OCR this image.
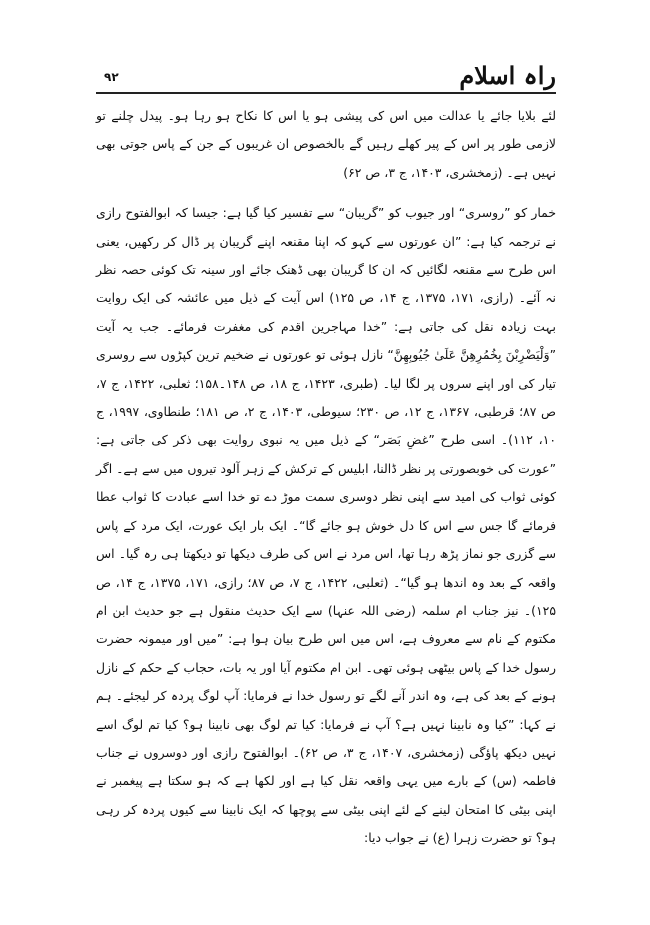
راہ اسلام
۹۲

لئے بلایا جائے یا عدالت میں اس کی پیشی ہو یا اس کا نکاح ہو رہا ہو۔ پیدل چلنے تو لازمی طور پر اس کے پیر کھلے رہیں گے بالخصوص ان غریبوں کے جن کے پاس جوتی بھی نہیں ہے۔ (زمخشری، ۱۴۰۳، ج ۳، ص ۶۲)

خمار کو ”روسری“ اور جیوب کو ”گریبان“ سے تفسیر کیا گیا ہے: جیسا کہ ابوالفتوح رازی نے ترجمہ کیا ہے: ”ان عورتوں سے کہو کہ اپنا مقنعہ اپنے گریبان پر ڈال کر رکھیں، یعنی اس طرح سے مقنعہ لگائیں کہ ان کا گریبان بھی ڈھنک جائے اور سینہ تک کوئی حصہ نظر نہ آئے۔ (رازی، ۱۷۱، ۱۳۷۵، ج ۱۴، ص ۱۲۵) اس آیت کے ذیل میں عائشہ کی ایک روایت بہت زیادہ نقل کی جاتی ہے: ”خدا مہاجرین اقدم کی مغفرت فرمائے۔ جب یہ آیت ”وَلْيَضْرِبْنَ بِخُمُرِهِنَّ عَلَىٰ جُيُوبِهِنَّ“ نازل ہوئی تو عورتوں نے ضخیم ترین کپڑوں سے روسری تیار کی اور اپنے سروں پر لگا لیا۔ (طبری، ۱۴۲۳، ج ۱۸، ص ۱۴۸۔۱۵۸؛ ثعلبی، ۱۴۲۲، ج ۷، ص ۸۷؛ قرطبی، ۱۳۶۷، ج ۱۲، ص ۲۳۰؛ سیوطی، ۱۴۰۳، ج ۲، ص ۱۸۱؛ طنطاوی، ۱۹۹۷، ج ۱۰، ۱۱۲)۔ اسی طرح ”غضِ بَصَر“ کے ذیل میں یہ نبوی روایت بھی ذکر کی جاتی ہے: ”عورت کی خوبصورتی پر نظر ڈالنا، ابلیس کے ترکش کے زہر آلود تیروں میں سے ہے۔ اگر کوئی ثواب کی امید سے اپنی نظر دوسری سمت موڑ دے تو خدا اسے عبادت کا ثواب عطا فرمائے گا جس سے اس کا دل خوش ہو جائے گا“۔ ایک بار ایک عورت، ایک مرد کے پاس سے گزری جو نماز پڑھ رہا تھا، اس مرد نے اس کی طرف دیکھا تو دیکھتا ہی رہ گیا۔ اس واقعہ کے بعد وہ اندھا ہو گیا“۔ (ثعلبی، ۱۴۲۲، ج ۷، ص ۸۷؛ رازی، ۱۷۱، ۱۳۷۵، ج ۱۴، ص ۱۲۵)۔ نیز جناب ام سلمہ (رضی اللہ عنہا) سے ایک حدیث منقول ہے جو حدیث ابن ام مکتوم کے نام سے معروف ہے، اس میں اس طرح بیان ہوا ہے: ”میں اور میمونہ حضرت رسول خدا کے پاس بیٹھی ہوئی تھی۔ ابن ام مکتوم آیا اور یہ بات، حجاب کے حکم کے نازل ہونے کے بعد کی ہے، وہ اندر آنے لگے تو رسول خدا نے فرمایا: آپ لوگ پردہ کر لیجئے۔ ہم نے کہا: ”کیا وہ نابینا نہیں ہے؟ آپ نے فرمایا: کیا تم لوگ بھی نابینا ہو؟ کیا تم لوگ اسے نہیں دیکھ پاؤگی (زمخشری، ۱۴۰۷، ج ۳، ص ۶۲)۔ ابوالفتوح رازی اور دوسروں نے جناب فاطمہ (س) کے بارے میں یہی واقعہ نقل کیا ہے اور لکھا ہے کہ ہو سکتا ہے پیغمبر نے اپنی بیٹی کا امتحان لینے کے لئے اپنی بیٹی سے پوچھا کہ ایک نابینا سے کیوں پردہ کر رہی ہو؟ تو حضرت زہرا (ع) نے جواب دیا:
